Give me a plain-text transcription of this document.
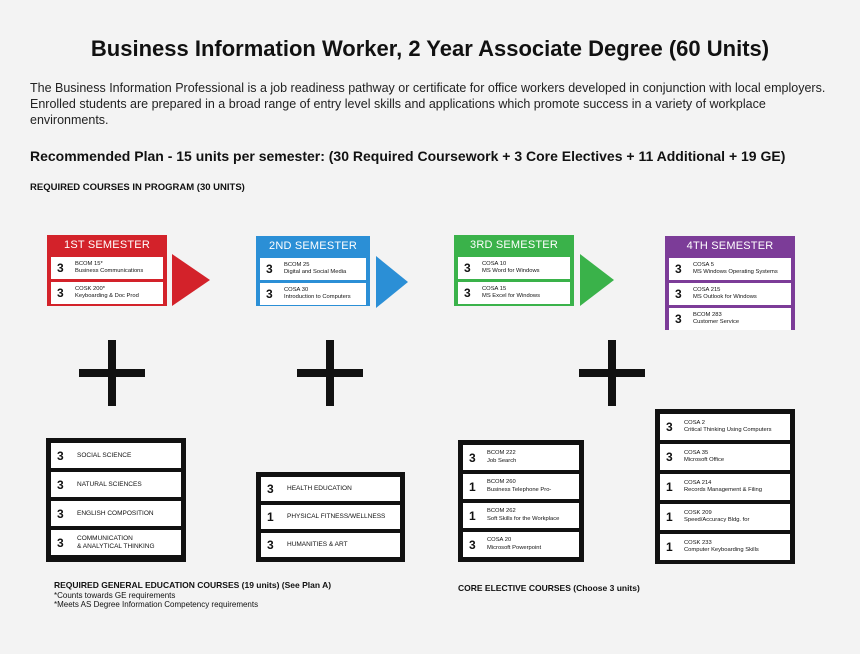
Business Information Worker, 2 Year Associate Degree (60 Units)
The Business Information Professional is a job readiness pathway or certificate for office workers developed in conjunction with local employers. Enrolled students are prepared in a broad range of entry level skills and applications which promote success in a variety of workplace environments.
Recommended Plan - 15 units per semester: (30 Required Coursework + 3 Core Electives + 11 Additional + 19 GE)
REQUIRED COURSES IN PROGRAM (30 UNITS)
1ST SEMESTER
3	BCOM 15*
Business Communications
3	COSK 200*
Keyboarding & Doc Prod
2ND SEMESTER
3	BCOM 25
Digital and Social Media
3	COSA 30
Introduction to Computers
3RD SEMESTER
3	COSA 10
MS Word for Windows
3	COSA 15
MS Excel for Windows
4TH SEMESTER
3	COSA 5
MS Windows Operating Systems
3	COSA 215
MS Outlook for Windows
3	BCOM 283
Customer Service
3	SOCIAL SCIENCE
3	NATURAL SCIENCES
3	ENGLISH COMPOSITION
3	COMMUNICATION
& ANALYTICAL THINKING
3	HEALTH EDUCATION
1	PHYSICAL FITNESS/WELLNESS
3	HUMANITIES & ART
3	BCOM 222
Job Search
1	BCOM 260
Business Telephone Pro-
1	BCOM 262
Soft Skills for the Workplace
3	COSA 20
Microsoft Powerpoint
3	COSA 2
Critical Thinking Using Computers
3	COSA 35
Microsoft Office
1	COSA 214
Records Management & Filing
1	COSK 209
Speed/Accuracy Bldg. for
1	COSK 233
Computer Keyboarding Skills
REQUIRED GENERAL EDUCATION COURSES (19 units) (See Plan A)
*Counts towards GE requirements
*Meets AS Degree Information Competency requirements
CORE ELECTIVE COURSES (Choose 3 units)
